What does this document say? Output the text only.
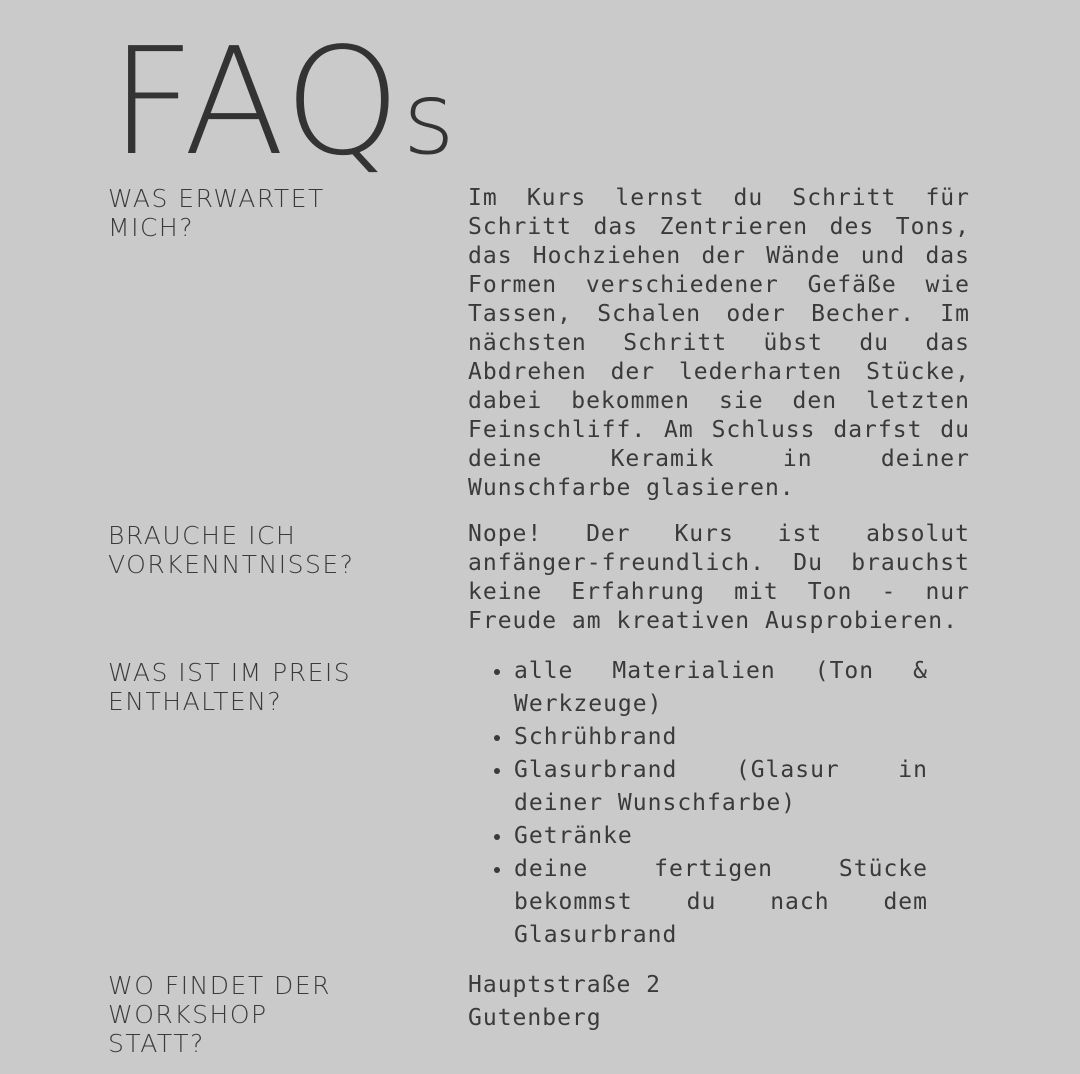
FAQs
WAS ERWARTET
MICH?

Im Kurs lernst du Schritt für Schritt das Zentrieren des Tons, das Hochziehen der Wände und das Formen verschiedener Gefäße wie Tassen, Schalen oder Becher. Im nächsten Schritt übst du das Abdrehen der lederharten Stücke, dabei bekommen sie den letzten Feinschliff. Am Schluss darfst du deine Keramik in deiner Wunschfarbe glasieren.

BRAUCHE ICH
VORKENNTNISSE?

Nope! Der Kurs ist absolut anfänger-freundlich. Du brauchst keine Erfahrung mit Ton - nur Freude am kreativen Ausprobieren.

WAS IST IM PREIS
ENTHALTEN?
alle Materialien (Ton & Werkzeuge)
Schrühbrand
Glasurbrand (Glasur in deiner Wunschfarbe)
Getränke
deine fertigen Stücke bekommst du nach dem Glasurbrand
WO FINDET DER
WORKSHOP
STATT?
Hauptstraße 2
Gutenberg
